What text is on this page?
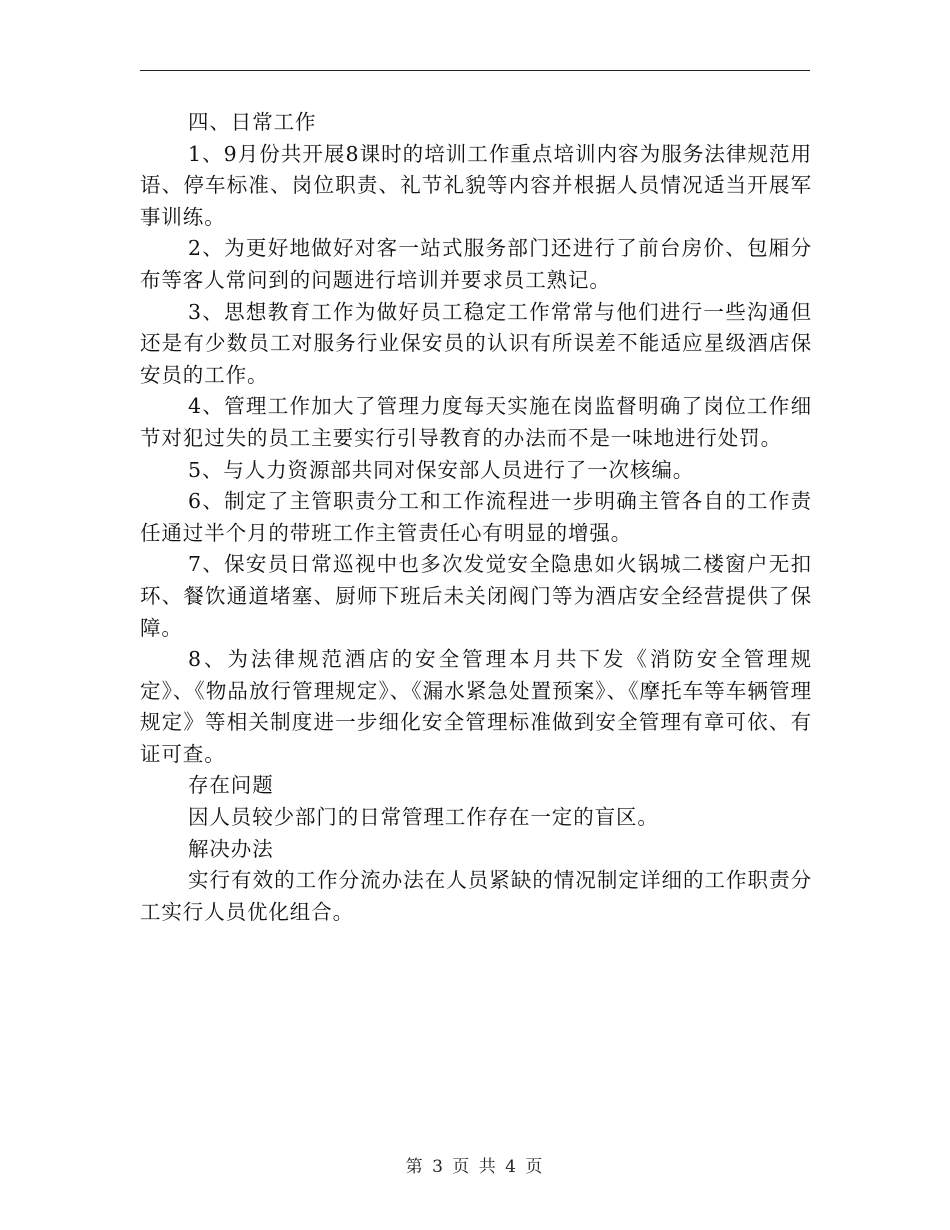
四、日常工作

1、9月份共开展8课时的培训工作重点培训内容为服务法律规范用语、停车标准、岗位职责、礼节礼貌等内容并根据人员情况适当开展军事训练。

2、为更好地做好对客一站式服务部门还进行了前台房价、包厢分布等客人常问到的问题进行培训并要求员工熟记。

3、思想教育工作为做好员工稳定工作常常与他们进行一些沟通但还是有少数员工对服务行业保安员的认识有所误差不能适应星级酒店保安员的工作。

4、管理工作加大了管理力度每天实施在岗监督明确了岗位工作细节对犯过失的员工主要实行引导教育的办法而不是一味地进行处罚。

5、与人力资源部共同对保安部人员进行了一次核编。

6、制定了主管职责分工和工作流程进一步明确主管各自的工作责任通过半个月的带班工作主管责任心有明显的增强。

7、保安员日常巡视中也多次发觉安全隐患如火锅城二楼窗户无扣环、餐饮通道堵塞、厨师下班后未关闭阀门等为酒店安全经营提供了保障。

8、为法律规范酒店的安全管理本月共下发《消防安全管理规定》、《物品放行管理规定》、《漏水紧急处置预案》、《摩托车等车辆管理规定》等相关制度进一步细化安全管理标准做到安全管理有章可依、有证可查。

存在问题

因人员较少部门的日常管理工作存在一定的盲区。

解决办法

实行有效的工作分流办法在人员紧缺的情况制定详细的工作职责分工实行人员优化组合。

第 3 页 共 4 页
